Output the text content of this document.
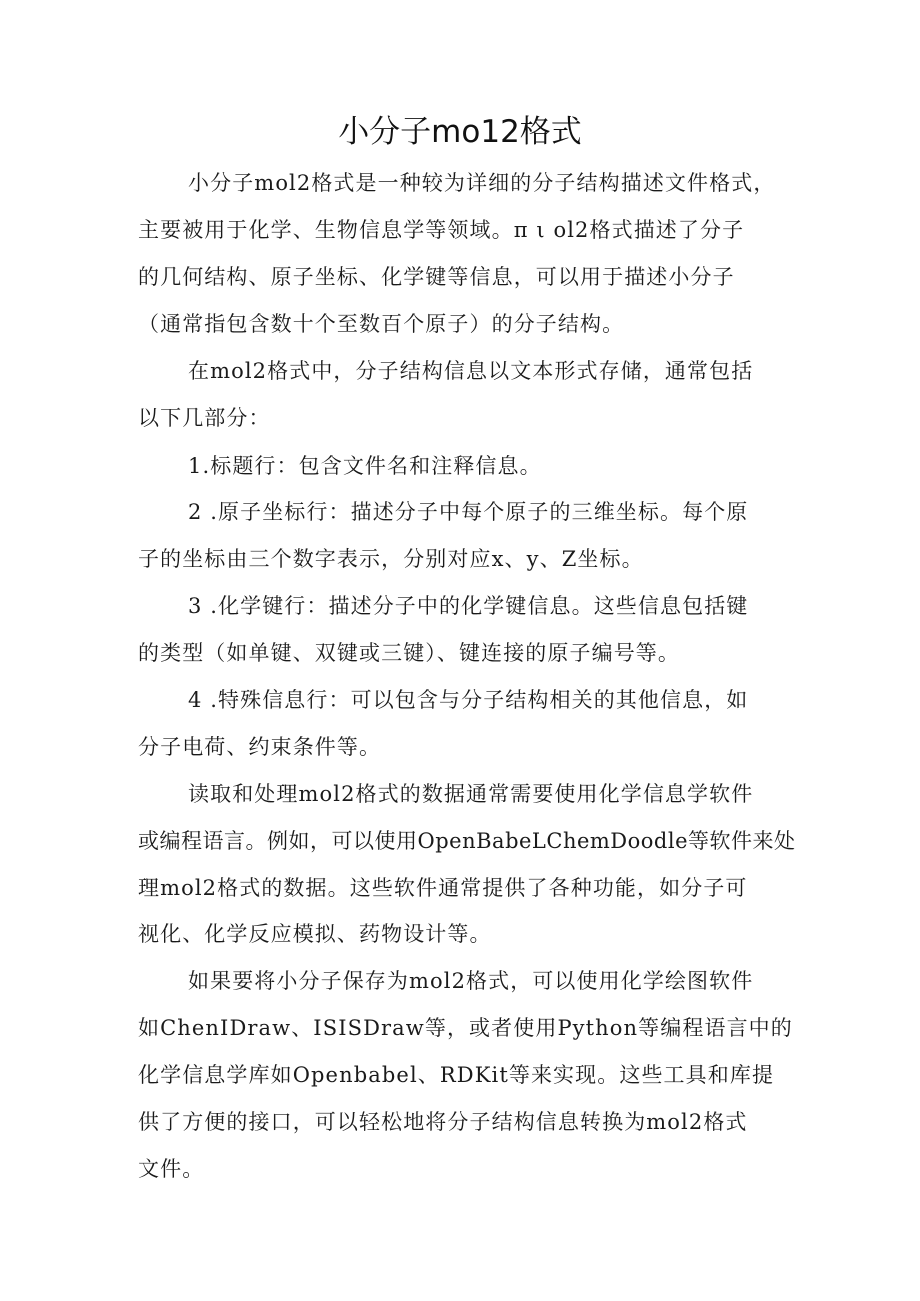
小分子mo12格式

小分子mol2格式是一种较为详细的分子结构描述文件格式，

主要被用于化学、生物信息学等领域。π ι ol2格式描述了分子

的几何结构、原子坐标、化学键等信息，可以用于描述小分子

（通常指包含数十个至数百个原子）的分子结构。

在mol2格式中，分子结构信息以文本形式存储，通常包括

以下几部分：

1.标题行：包含文件名和注释信息。

2 .原子坐标行：描述分子中每个原子的三维坐标。每个原

子的坐标由三个数字表示，分别对应x、y、Z坐标。

3 .化学键行：描述分子中的化学键信息。这些信息包括键

的类型（如单键、双键或三键）、键连接的原子编号等。

4 .特殊信息行：可以包含与分子结构相关的其他信息，如

分子电荷、约束条件等。

读取和处理mol2格式的数据通常需要使用化学信息学软件

或编程语言。例如，可以使用OpenBabeLChemDoodle等软件来处

理mol2格式的数据。这些软件通常提供了各种功能，如分子可

视化、化学反应模拟、药物设计等。

如果要将小分子保存为mol2格式，可以使用化学绘图软件

如ChenIDraw、ISISDraw等，或者使用Python等编程语言中的

化学信息学库如Openbabel、RDKit等来实现。这些工具和库提

供了方便的接口，可以轻松地将分子结构信息转换为mol2格式

文件。
